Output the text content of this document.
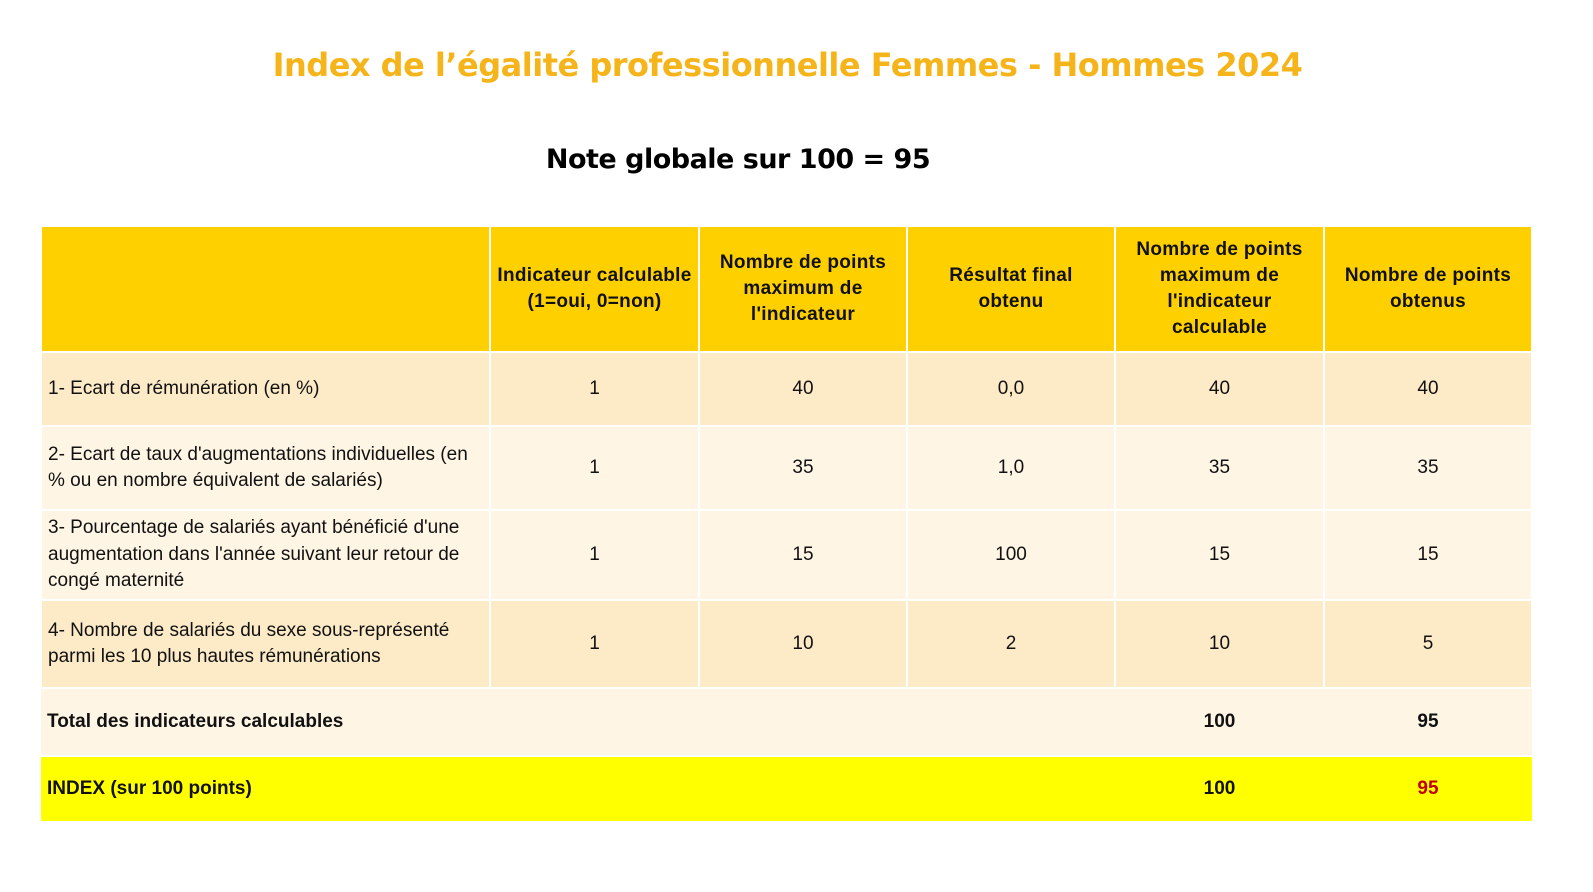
Index de l’égalité professionnelle Femmes - Hommes 2024
Note globale sur 100 = 95
	Indicateur calculable (1=oui, 0=non)	Nombre de points maximum de l'indicateur	Résultat final obtenu	Nombre de points maximum de l'indicateur calculable	Nombre de points obtenus
1- Ecart de rémunération (en %)	1	40	0,0	40	40
2- Ecart de taux d'augmentations individuelles (en % ou en nombre équivalent de salariés)	1	35	1,0	35	35
3- Pourcentage de salariés ayant bénéficié d'une augmentation dans l'année suivant leur retour de congé maternité	1	15	100	15	15
4- Nombre de salariés du sexe sous-représenté parmi les 10 plus hautes rémunérations	1	10	2	10	5
Total des indicateurs calculables				100	95
INDEX (sur 100 points)				100	95
